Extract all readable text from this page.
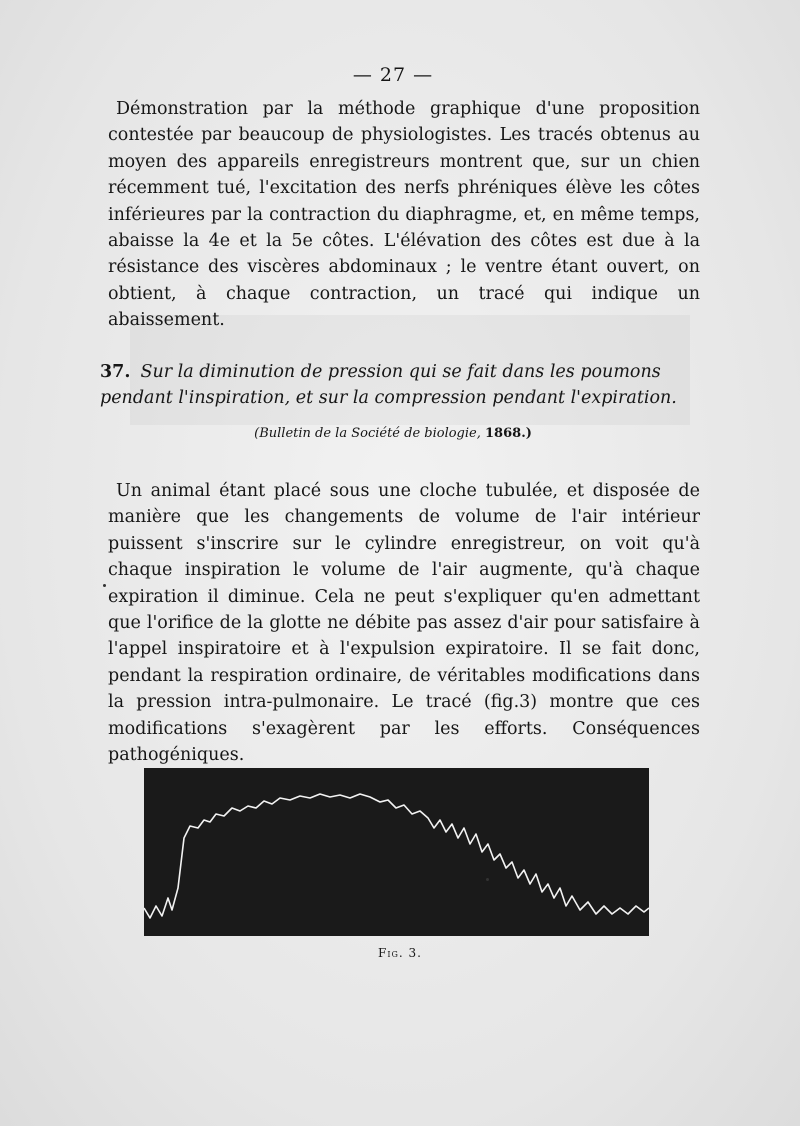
— 27 —
Démonstration par la méthode graphique d'une proposition contestée par beaucoup de physiologistes. Les tracés obtenus au moyen des appareils enregistreurs montrent que, sur un chien récemment tué, l'excitation des nerfs phréniques élève les côtes inférieures par la contraction du diaphragme, et, en même temps, abaisse la 4e et la 5e côtes. L'élévation des côtes est due à la résistance des viscères abdominaux ; le ventre étant ouvert, on obtient, à chaque contraction, un tracé qui indique un abaissement.
37. Sur la diminution de pression qui se fait dans les poumons pendant l'inspiration, et sur la compression pendant l'expiration.
(Bulletin de la Société de biologie, 1868.)
Un animal étant placé sous une cloche tubulée, et disposée de manière que les changements de volume de l'air intérieur puissent s'inscrire sur le cylindre enregistreur, on voit qu'à chaque inspiration le volume de l'air augmente, qu'à chaque expiration il diminue. Cela ne peut s'expliquer qu'en admettant que l'orifice de la glotte ne débite pas assez d'air pour satisfaire à l'appel inspiratoire et à l'expulsion expiratoire. Il se fait donc, pendant la respiration ordinaire, de véritables modifications dans la pression intra-pulmonaire. Le tracé (fig.3) montre que ces modifications s'exagèrent par les efforts. Conséquences pathogéniques.
Fig. 3.
